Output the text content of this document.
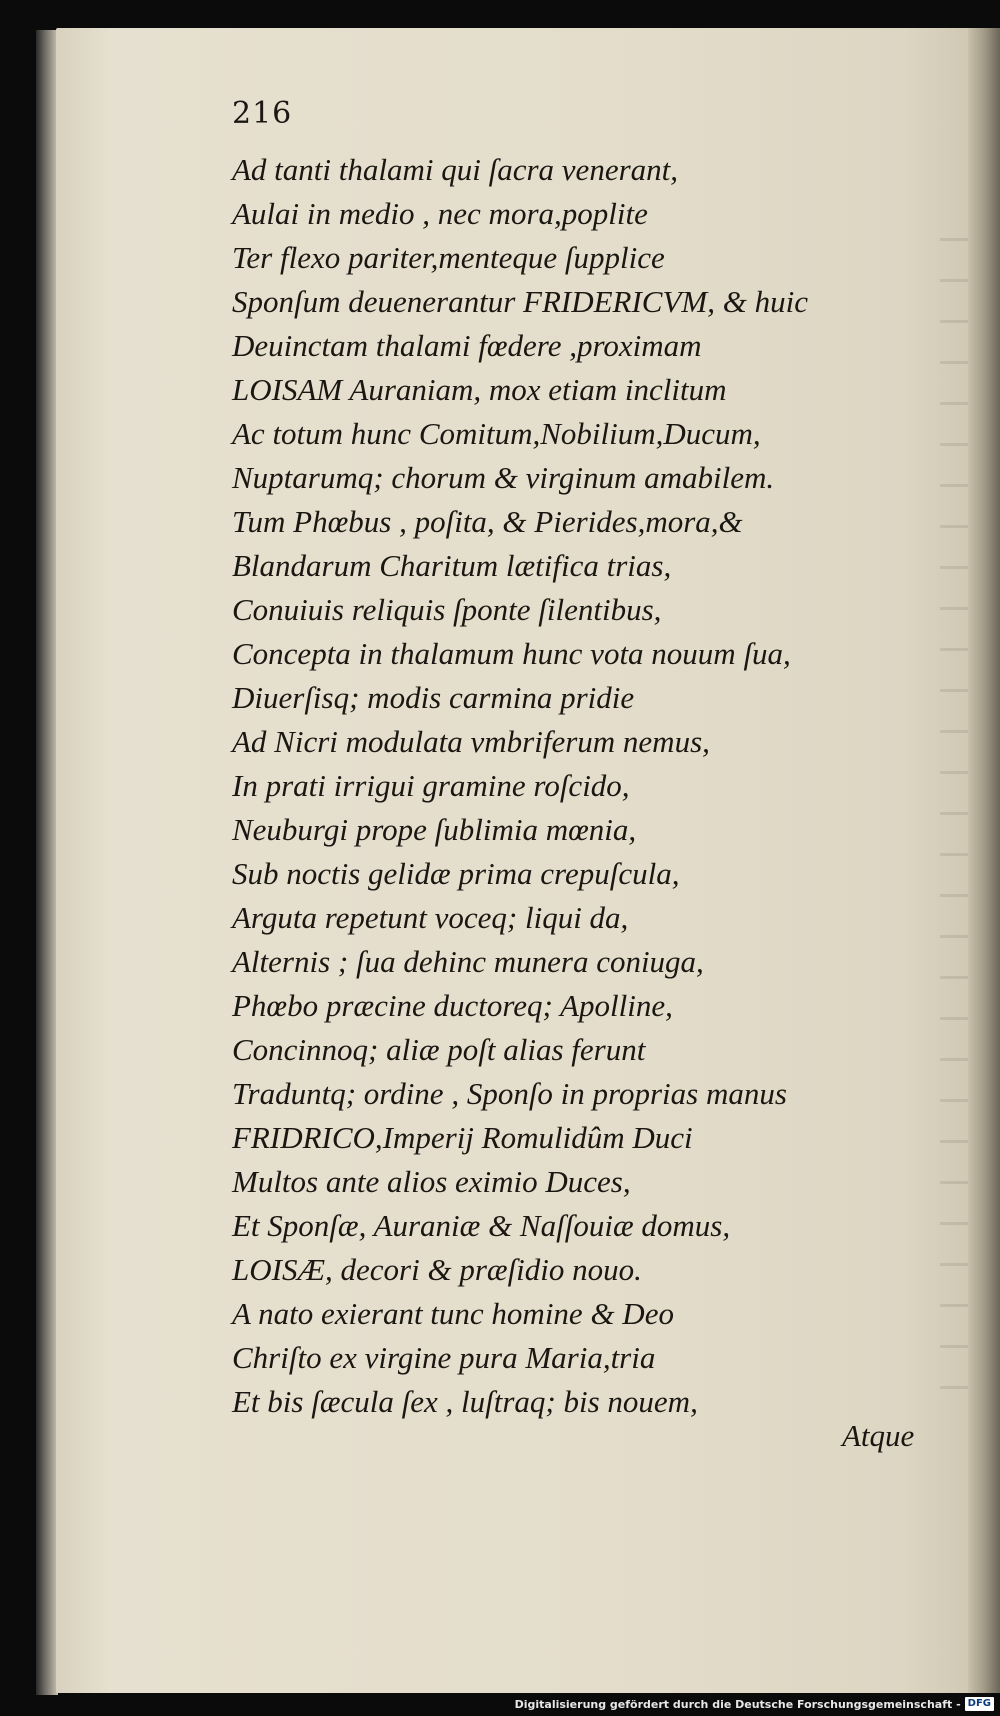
216
Ad tanti thalami qui ſacra venerant,
Aulai in medio , nec mora,poplite
Ter flexo pariter,menteque ſupplice
Sponſum deuenerantur FRIDERICVM, & huic
Deuinctam thalami fœdere ,proximam
LOISAM Auraniam, mox etiam inclitum
Ac totum hunc Comitum,Nobilium,Ducum,
Nuptarumq; chorum & virginum amabilem.
Tum Phœbus , poſita, & Pierides,mora,&
Blandarum Charitum lætifica trias,
Conuiuis reliquis ſponte ſilentibus,
Concepta in thalamum hunc vota nouum ſua,
Diuerſisq; modis carmina pridie
Ad Nicri modulata vmbriferum nemus,
In prati irrigui gramine roſcido,
Neuburgi prope ſublimia mœnia,
Sub noctis gelidæ prima crepuſcula,
Arguta repetunt voceq; liqui da,
Alternis ; ſua dehinc munera coniuga,
Phœbo præcine ductoreq; Apolline,
Concinnoq; aliæ poſt alias ferunt
Traduntq; ordine , Sponſo in proprias manus
FRIDRICO,Imperij Romulidûm Duci
Multos ante alios eximio Duces,
Et Sponſæ, Auraniæ & Naſſouiæ domus,
LOISÆ, decori & præſidio nouo.
A nato exierant tunc homine & Deo
Chriſto ex virgine pura Maria,tria
Et bis ſæcula ſex , luſtraq; bis nouem,
Atque
Digitalisierung gefördert durch die Deutsche Forschungsgemeinschaft - DFG
